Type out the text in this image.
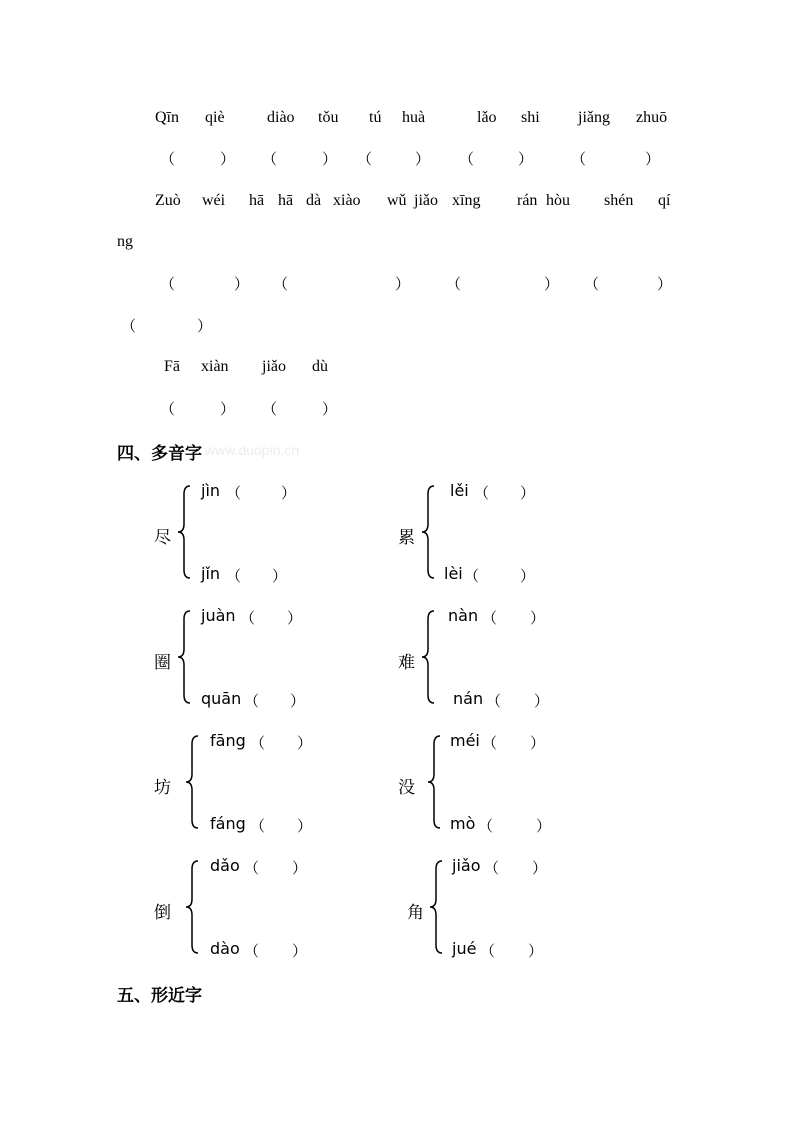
Qīn qiè	diào tǒu tú huà	lǎo shi jiǎng zhuō
（	） （	） （	） （	）	（	）
Zuò wéi hā hā dà xiào wǔ jiǎo xīng rán hòu shén qí
ng
（	） （	） （	） （	）
（	）
Fā xiàn jiǎo dù
（	） （	）
四、多音字 www.duopin.cn
尽
jìn （	）
jǐn （ ）
累
lěi （ ）
lèi （	）
圈
juàn （ ）
quān （ ）
难
nàn （ ）
nán （ ）
坊
fāng （ ）
fáng （ ）
没
méi （ ）
mò （	）
倒
dǎo （ ）
dào （ ）
角
jiǎo （ ）
jué （ ）
五、形近字
